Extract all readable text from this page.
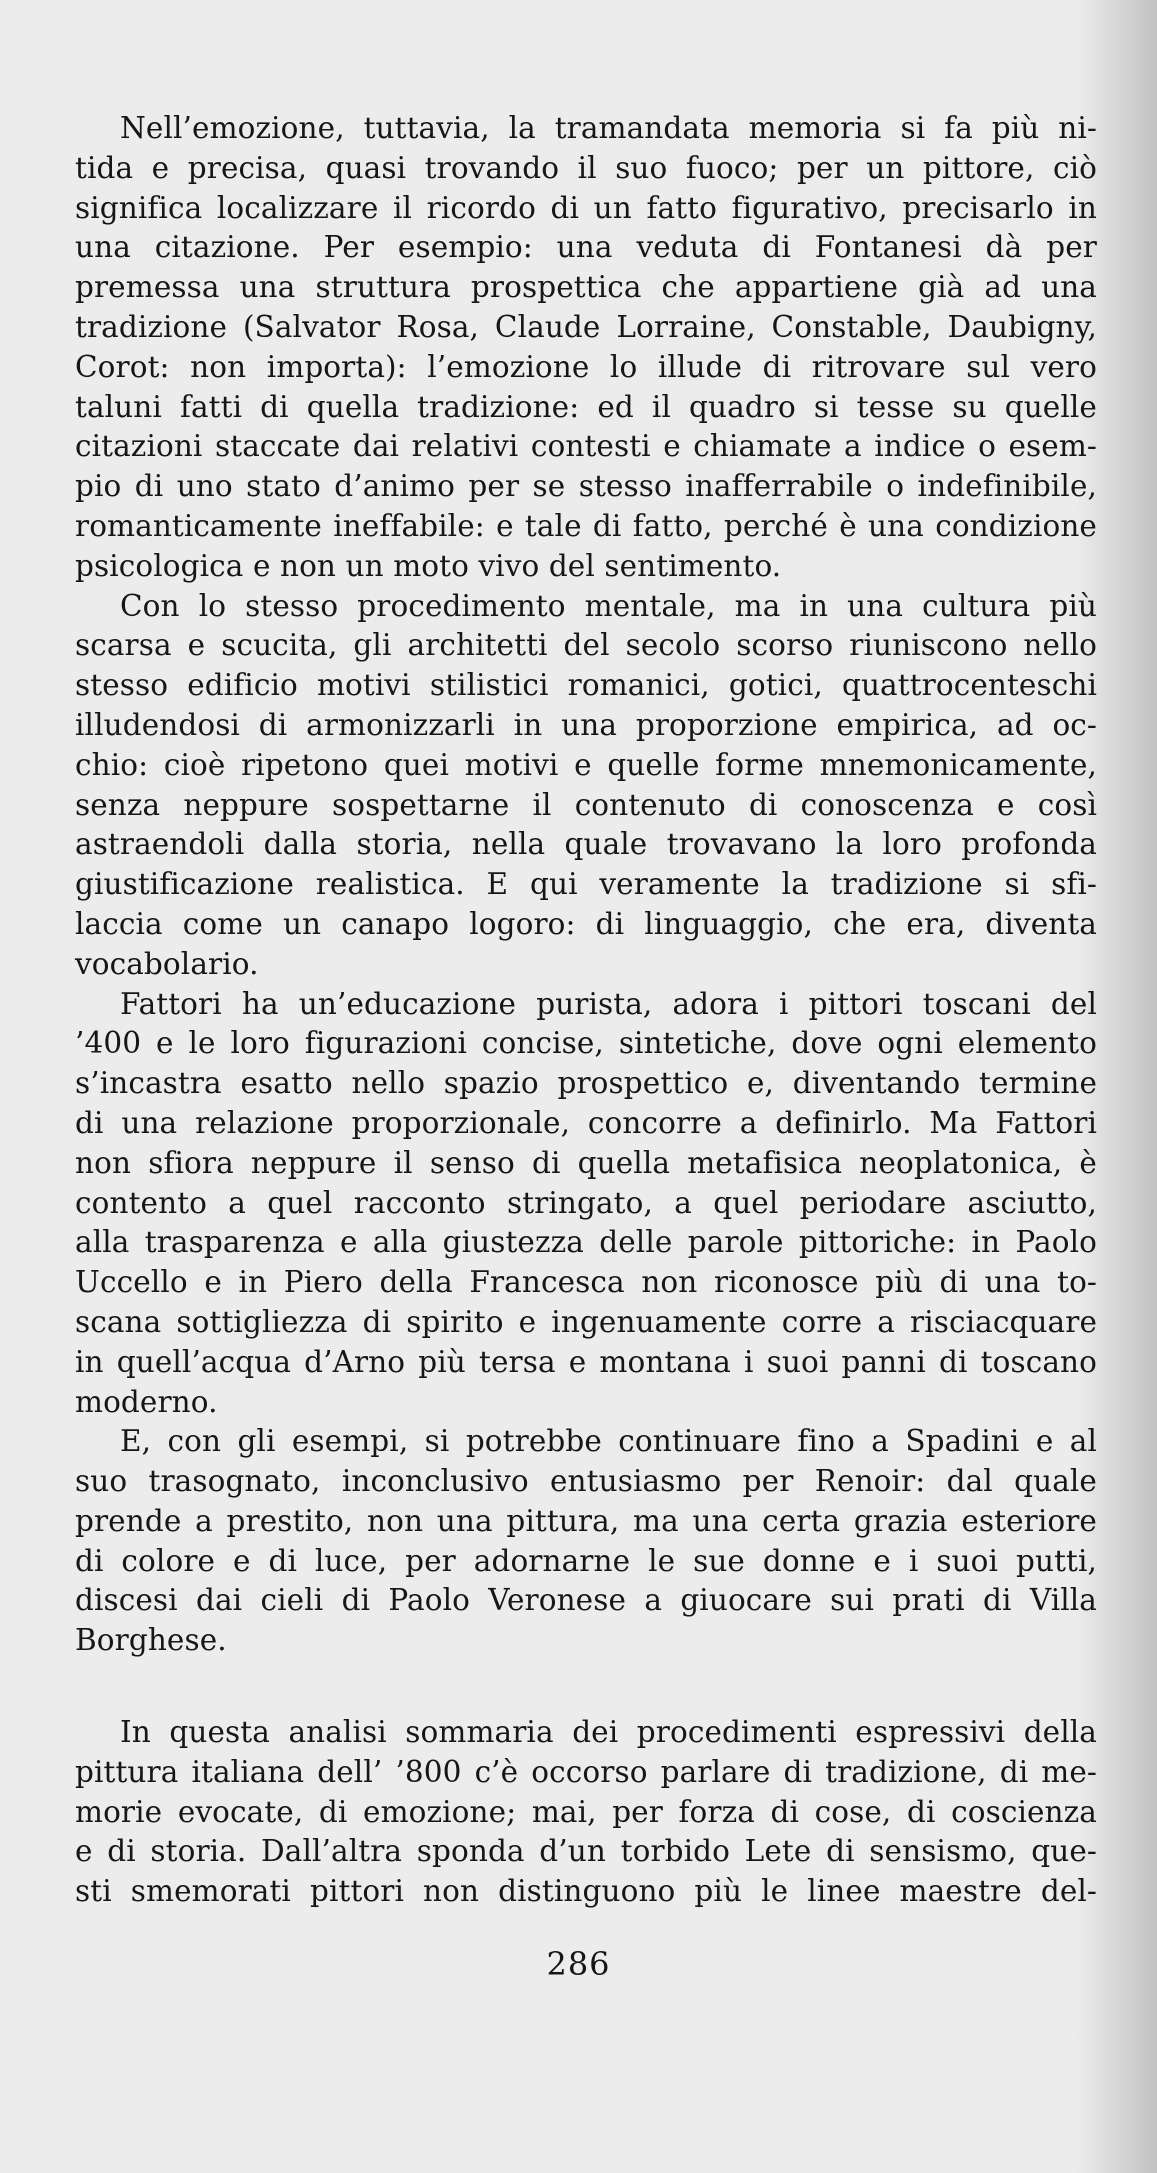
Nell’emozione, tuttavia, la tramandata memoria si fa più ni-
tida e precisa, quasi trovando il suo fuoco; per un pittore, ciò
significa localizzare il ricordo di un fatto figurativo, precisarlo in
una citazione. Per esempio: una veduta di Fontanesi dà per
premessa una struttura prospettica che appartiene già ad una
tradizione (Salvator Rosa, Claude Lorraine, Constable, Daubigny,
Corot: non importa): l’emozione lo illude di ritrovare sul vero
taluni fatti di quella tradizione: ed il quadro si tesse su quelle
citazioni staccate dai relativi contesti e chiamate a indice o esem-
pio di uno stato d’animo per se stesso inafferrabile o indefinibile,
romanticamente ineffabile: e tale di fatto, perché è una condizione
psicologica e non un moto vivo del sentimento.
Con lo stesso procedimento mentale, ma in una cultura più
scarsa e scucita, gli architetti del secolo scorso riuniscono nello
stesso edificio motivi stilistici romanici, gotici, quattrocenteschi
illudendosi di armonizzarli in una proporzione empirica, ad oc-
chio: cioè ripetono quei motivi e quelle forme mnemonicamente,
senza neppure sospettarne il contenuto di conoscenza e così
astraendoli dalla storia, nella quale trovavano la loro profonda
giustificazione realistica. E qui veramente la tradizione si sfi-
laccia come un canapo logoro: di linguaggio, che era, diventa
vocabolario.
Fattori ha un’educazione purista, adora i pittori toscani del
’400 e le loro figurazioni concise, sintetiche, dove ogni elemento
s’incastra esatto nello spazio prospettico e, diventando termine
di una relazione proporzionale, concorre a definirlo. Ma Fattori
non sfiora neppure il senso di quella metafisica neoplatonica, è
contento a quel racconto stringato, a quel periodare asciutto,
alla trasparenza e alla giustezza delle parole pittoriche: in Paolo
Uccello e in Piero della Francesca non riconosce più di una to-
scana sottigliezza di spirito e ingenuamente corre a risciacquare
in quell’acqua d’Arno più tersa e montana i suoi panni di toscano
moderno.
E, con gli esempi, si potrebbe continuare fino a Spadini e al
suo trasognato, inconclusivo entusiasmo per Renoir: dal quale
prende a prestito, non una pittura, ma una certa grazia esteriore
di colore e di luce, per adornarne le sue donne e i suoi putti,
discesi dai cieli di Paolo Veronese a giuocare sui prati di Villa
Borghese.
In questa analisi sommaria dei procedimenti espressivi della
pittura italiana dell’ ’800 c’è occorso parlare di tradizione, di me-
morie evocate, di emozione; mai, per forza di cose, di coscienza
e di storia. Dall’altra sponda d’un torbido Lete di sensismo, que-
sti smemorati pittori non distinguono più le linee maestre del-
286
